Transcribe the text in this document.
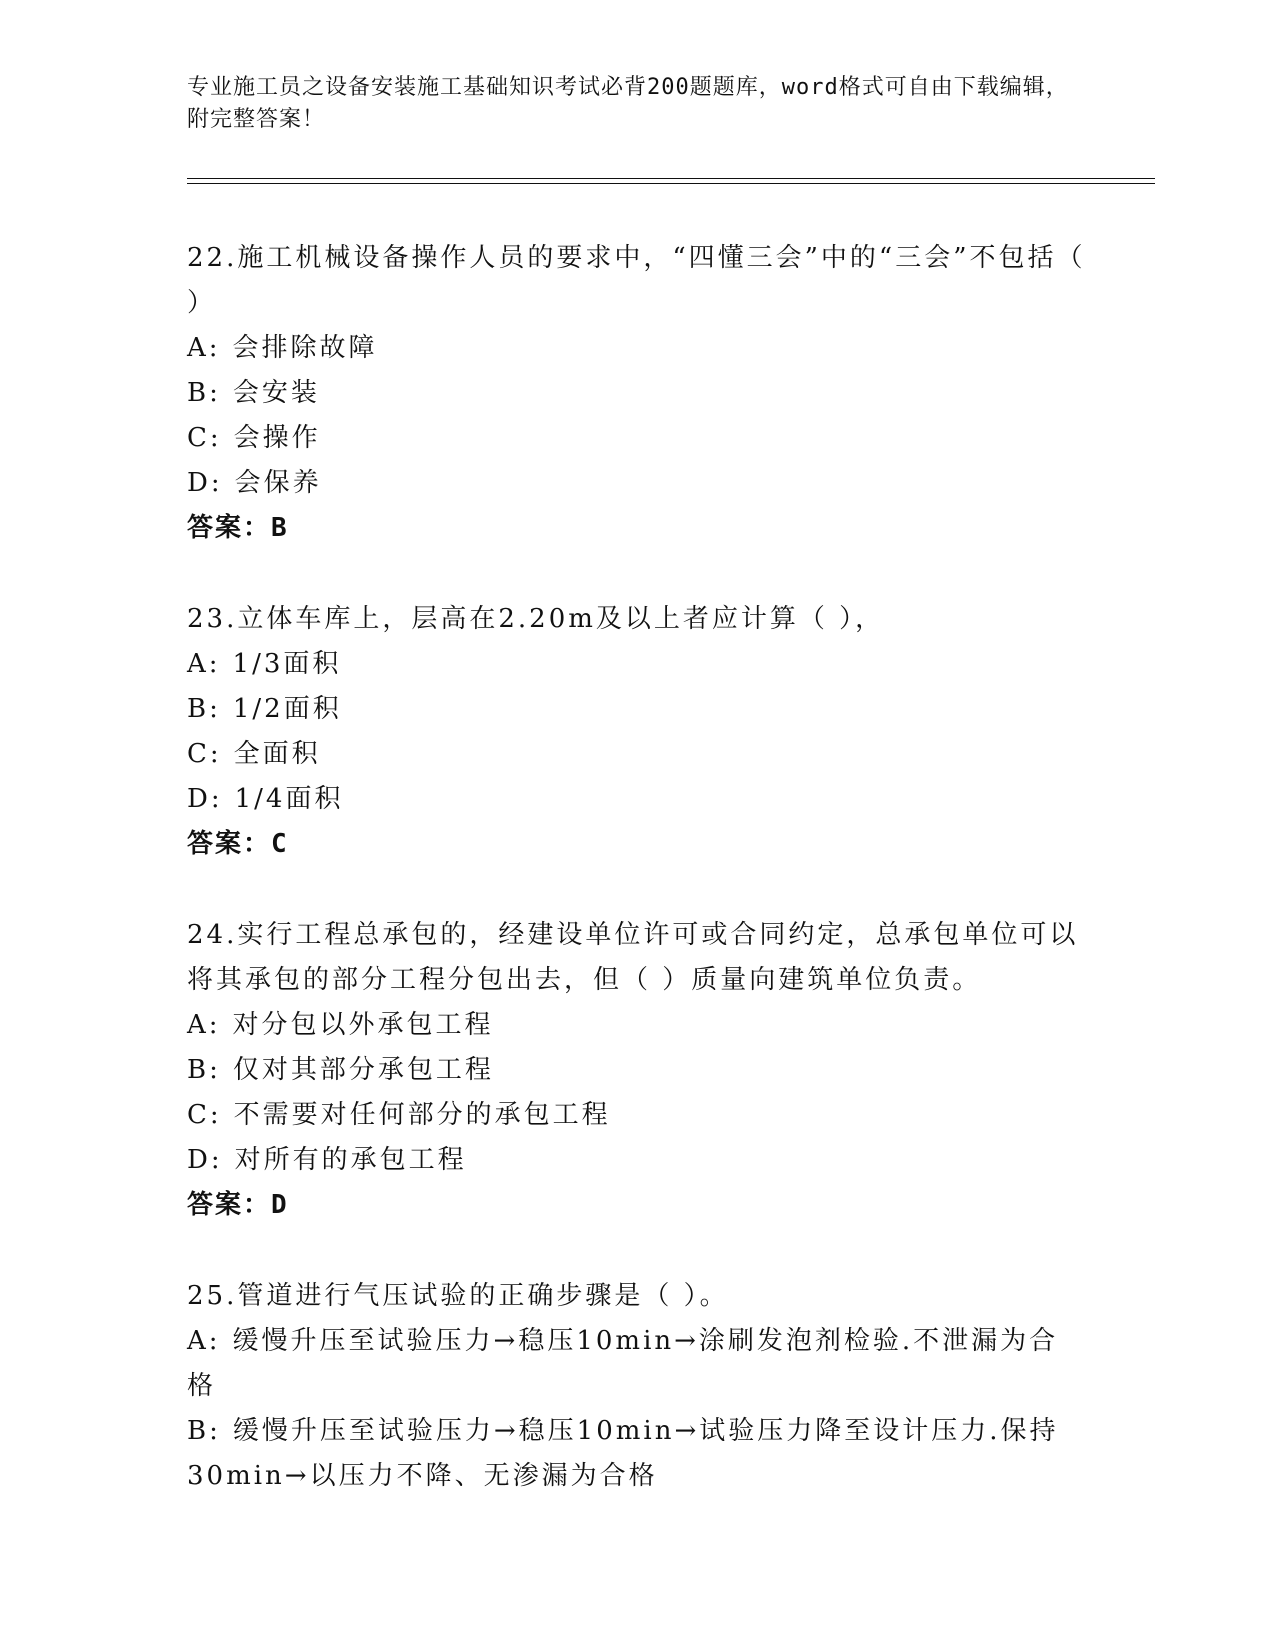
专业施工员之设备安装施工基础知识考试必背200题题库，word格式可自由下载编辑，附完整答案！
22.施工机械设备操作人员的要求中，“四懂三会”中的“三会”不包括（ ）
A: 会排除故障
B: 会安装
C: 会操作
D: 会保养
答案：B
23.立体车库上，层高在2.20m及以上者应计算（ ），
A: 1/3面积
B: 1/2面积
C: 全面积
D: 1/4面积
答案：C
24.实行工程总承包的，经建设单位许可或合同约定，总承包单位可以将其承包的部分工程分包出去，但（ ）质量向建筑单位负责。
A: 对分包以外承包工程
B: 仅对其部分承包工程
C: 不需要对任何部分的承包工程
D: 对所有的承包工程
答案：D
25.管道进行气压试验的正确步骤是（ ）。
A: 缓慢升压至试验压力→稳压10min→涂刷发泡剂检验.不泄漏为合格
B: 缓慢升压至试验压力→稳压10min→试验压力降至设计压力.保持30min→以压力不降、无渗漏为合格
